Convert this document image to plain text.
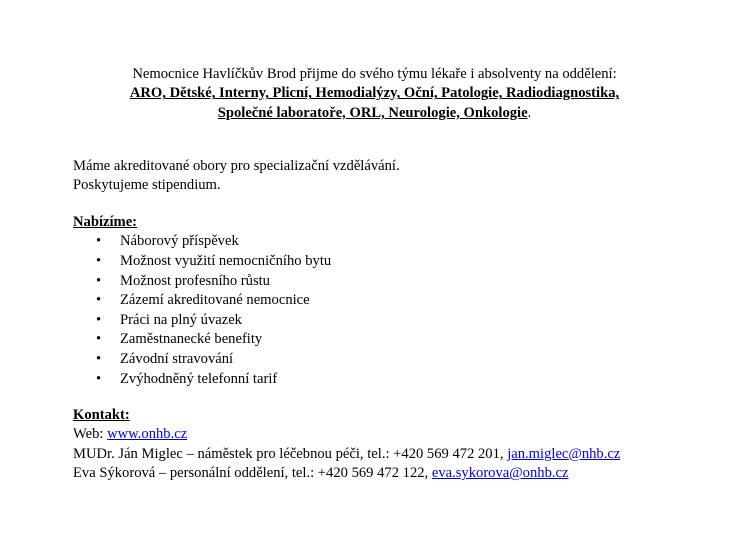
Nemocnice Havlíčkův Brod přijme do svého týmu lékaře i absolventy na oddělení:
ARO, Dětské, Interny, Plicní, Hemodialýzy, Oční, Patologie, Radiodiagnostika,
Společné laboratoře, ORL, Neurologie, Onkologie.
Máme akreditované obory pro specializační vzdělávání.
Poskytujeme stipendium.
Nabízíme:
• Náborový příspěvek
• Možnost využití nemocničního bytu
• Možnost profesního růstu
• Zázemí akreditované nemocnice
• Práci na plný úvazek
• Zaměstnanecké benefity
• Závodní stravování
• Zvýhodněný telefonní tarif
Kontakt:
Web: www.onhb.cz
MUDr. Ján Miglec – náměstek pro léčebnou péči, tel.: +420 569 472 201, jan.miglec@nhb.cz
Eva Sýkorová – personální oddělení, tel.: +420 569 472 122, eva.sykorova@onhb.cz
